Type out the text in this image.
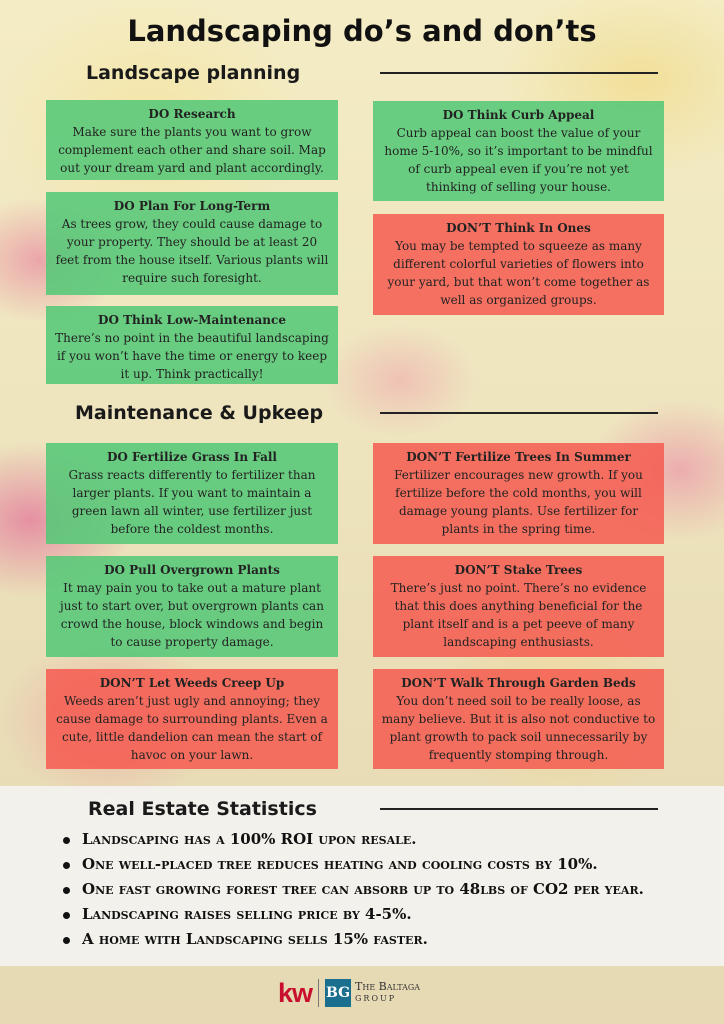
Landscaping do’s and don’ts
Landscape planning
DO Research
Make sure the plants you want to grow complement each other and share soil. Map out your dream yard and plant accordingly.
DO Plan For Long-Term
As trees grow, they could cause damage to your property. They should be at least 20 feet from the house itself. Various plants will require such foresight.
DO Think Low-Maintenance
There’s no point in the beautiful landscaping if you won’t have the time or energy to keep it up. Think practically!
DO Think Curb Appeal
Curb appeal can boost the value of your home 5-10%, so it’s important to be mindful of curb appeal even if you’re not yet thinking of selling your house.
DON’T Think In Ones
You may be tempted to squeeze as many different colorful varieties of flowers into your yard, but that won’t come together as well as organized groups.
Maintenance & Upkeep
DO Fertilize Grass In Fall
Grass reacts differently to fertilizer than larger plants. If you want to maintain a green lawn all winter, use fertilizer just before the coldest months.
DO Pull Overgrown Plants
It may pain you to take out a mature plant just to start over, but overgrown plants can crowd the house, block windows and begin to cause property damage.
DON’T Let Weeds Creep Up
Weeds aren’t just ugly and annoying; they cause damage to surrounding plants. Even a cute, little dandelion can mean the start of havoc on your lawn.
DON’T Fertilize Trees In Summer
Fertilizer encourages new growth. If you fertilize before the cold months, you will damage young plants. Use fertilizer for plants in the spring time.
DON’T Stake Trees
There’s just no point. There’s no evidence that this does anything beneficial for the plant itself and is a pet peeve of many landscaping enthusiasts.
DON’T Walk Through Garden Beds
You don’t need soil to be really loose, as many believe. But it is also not conductive to plant growth to pack soil unnecessarily by frequently stomping through.
Real Estate Statistics
Landscaping has a 100% ROI upon resale.
One well-placed tree reduces heating and cooling costs by 10%.
One fast growing forest tree can absorb up to 48lbs of CO2 per year.
Landscaping raises selling price by 4-5%.
A home with Landscaping sells 15% faster.
kw BG The Baltaga
GROUP
